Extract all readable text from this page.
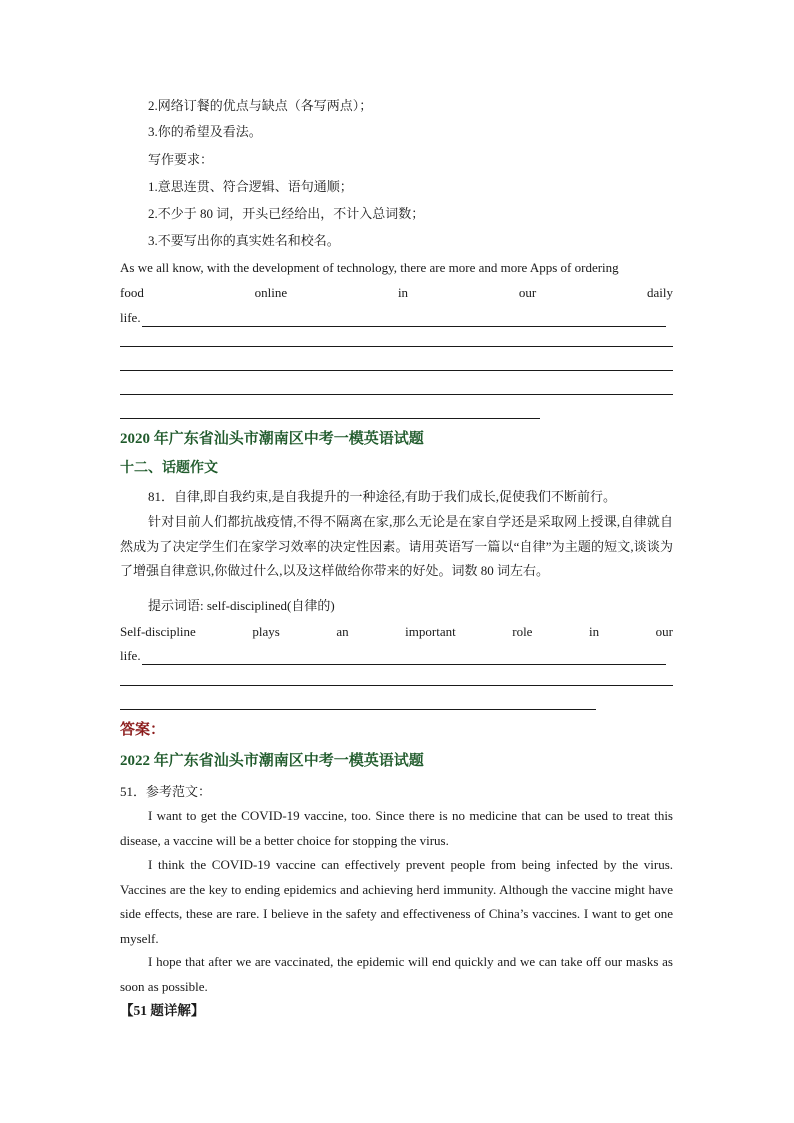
2.网络订餐的优点与缺点（各写两点）；
3.你的希望及看法。
写作要求：
1.意思连贯、符合逻辑、语句通顺；
2.不少于 80 词，开头已经给出，不计入总词数；
3.不要写出你的真实姓名和校名。
As we all know, with the development of technology, there are more and more Apps of ordering
food	online	in	our	daily
life.
2020 年广东省汕头市潮南区中考一模英语试题
十二、话题作文
81．自律,即自我约束,是自我提升的一种途径,有助于我们成长,促使我们不断前行。
针对目前人们都抗战疫情,不得不隔离在家,那么无论是在家自学还是采取网上授课,自律就自然成为了决定学生们在家学习效率的决定性因素。请用英语写一篇以“自律”为主题的短文,谈谈为了增强自律意识,你做过什么,以及这样做给你带来的好处。词数 80 词左右。
提示词语: self-disciplined(自律的)
Self-discipline	plays	an	important	role	in	our
life.
答案：
2022 年广东省汕头市潮南区中考一模英语试题
51．参考范文：
I want to get the COVID-19 vaccine, too. Since there is no medicine that can be used to treat this disease, a vaccine will be a better choice for stopping the virus.
I think the COVID-19 vaccine can effectively prevent people from being infected by the virus. Vaccines are the key to ending epidemics and achieving herd immunity. Although the vaccine might have side effects, these are rare. I believe in the safety and effectiveness of China’s vaccines. I want to get one myself.
I hope that after we are vaccinated, the epidemic will end quickly and we can take off our masks as soon as possible.
【51 题详解】
